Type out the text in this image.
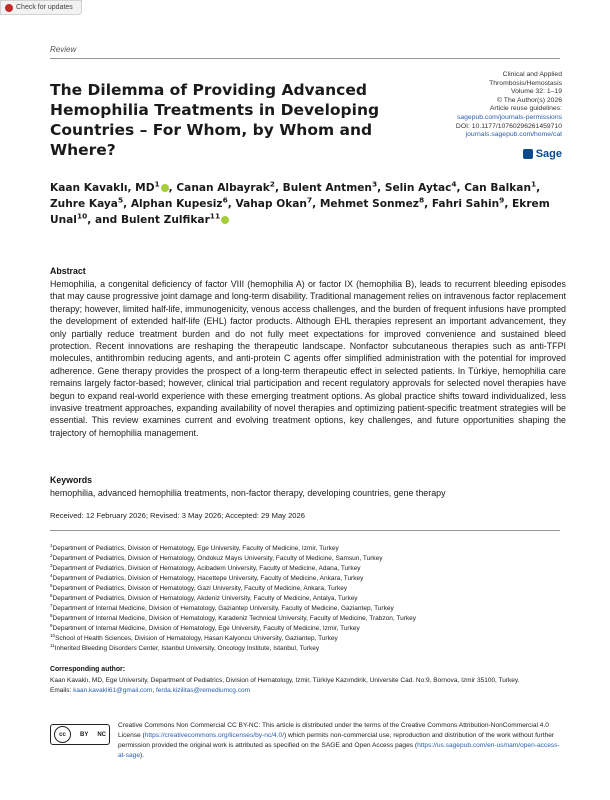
Check for updates
Review
The Dilemma of Providing Advanced Hemophilia Treatments in Developing Countries – For Whom, by Whom and Where?
Clinical and Applied
Thrombosis/Hemostasis
Volume 32: 1–19
© The Author(s) 2026
Article reuse guidelines:
sagepub.com/journals-permissions
DOI: 10.1177/10760296261459710
journals.sagepub.com/home/cat
Sage
Kaan Kavaklı, $MD^1$ , Canan Albayrak$^2$, Bulent Antmen$^3$, Selin Aytac$^4$, Can Balkan$^1$, Zuhre Kaya$^5$, Alphan Kupesiz$^6$, Vahap Okan$^7$, Mehmet Sonmez$^8$, Fahri Sahin$^9$, Ekrem Unal$^{10}$, and Bulent Zulfikar$^{11}$
Abstract
Hemophilia, a congenital deficiency of factor VIII (hemophilia A) or factor IX (hemophilia B), leads to recurrent bleeding episodes that may cause progressive joint damage and long-term disability. Traditional management relies on intravenous factor replacement therapy; however, limited half-life, immunogenicity, venous access challenges, and the burden of frequent infusions have prompted the development of extended half-life (EHL) factor products. Although EHL therapies represent an important advancement, they only partially reduce treatment burden and do not fully meet expectations for improved convenience and sustained bleed protection. Recent innovations are reshaping the therapeutic landscape. Nonfactor subcutaneous therapies such as anti-TFPI molecules, antithrombin reducing agents, and anti-protein C agents offer simplified administration with the potential for improved adherence. Gene therapy provides the prospect of a long-term therapeutic effect in selected patients. In Türkiye, hemophilia care remains largely factor-based; however, clinical trial participation and recent regulatory approvals for selected novel therapies have begun to expand real-world experience with these emerging treatment options. As global practice shifts toward individualized, less invasive treatment approaches, expanding availability of novel therapies and optimizing patient-specific treatment strategies will be essential. This review examines current and evolving treatment options, key challenges, and future opportunities shaping the trajectory of hemophilia management.
Keywords
hemophilia, advanced hemophilia treatments, non-factor therapy, developing countries, gene therapy
Received: 12 February 2026; Revised: 3 May 2026; Accepted: 29 May 2026
$^1$Department of Pediatrics, Division of Hematology, Ege University, Faculty of Medicine, Izmir, Turkey
$^2$Department of Pediatrics, Division of Hematology, Ondokuz Mayıs University, Faculty of Medicine, Samsun, Turkey
$^3$Department of Pediatrics, Division of Hematology, Acibadem University, Faculty of Medicine, Adana, Turkey
$^4$Department of Pediatrics, Division of Hematology, Hacettepe University, Faculty of Medicine, Ankara, Turkey
$^5$Department of Pediatrics, Division of Hematology, Gazi University, Faculty of Medicine, Ankara, Turkey
$^6$Department of Pediatrics, Division of Hematology, Akdeniz University, Faculty of Medicine, Antalya, Turkey
$^7$Department of Internal Medicine, Division of Hematology, Gaziantep University, Faculty of Medicine, Gaziantep, Turkey
$^8$Department of Internal Medicine, Division of Hematology, Karadeniz Technical University, Faculty of Medicine, Trabzon, Turkey
$^9$Department of Internal Medicine, Division of Hematology, Ege University, Faculty of Medicine, Izmir, Turkey
$^{10}$School of Health Sciences, Division of Hematology, Hasan Kalyoncu University, Gaziantep, Turkey
$^{11}$Inherited Bleeding Disorders Center, Istanbul University, Oncology Institute, Istanbul, Turkey
Corresponding author:
Kaan Kavaklı, MD, Ege University, Department of Pediatrics, Division of Hematology, Izmir, Türkiye Kazımdirik, Universite Cad. No:9, Bornova, Izmir 35100, Turkey.
Emails: kaan.kavakli61@gmail.com, ferda.kizilitas@remediumcg.com
cc	BY NC
Creative Commons Non Commercial CC BY-NC: This article is distributed under the terms of the Creative Commons Attribution-NonCommercial 4.0 License (https://creativecommons.org/licenses/by-nc/4.0/) which permits non-commercial use, reproduction and distribution of the work without further permission provided the original work is attributed as specified on the SAGE and Open Access pages (https://us.sagepub.com/en-us/nam/open-access-at-sage).
